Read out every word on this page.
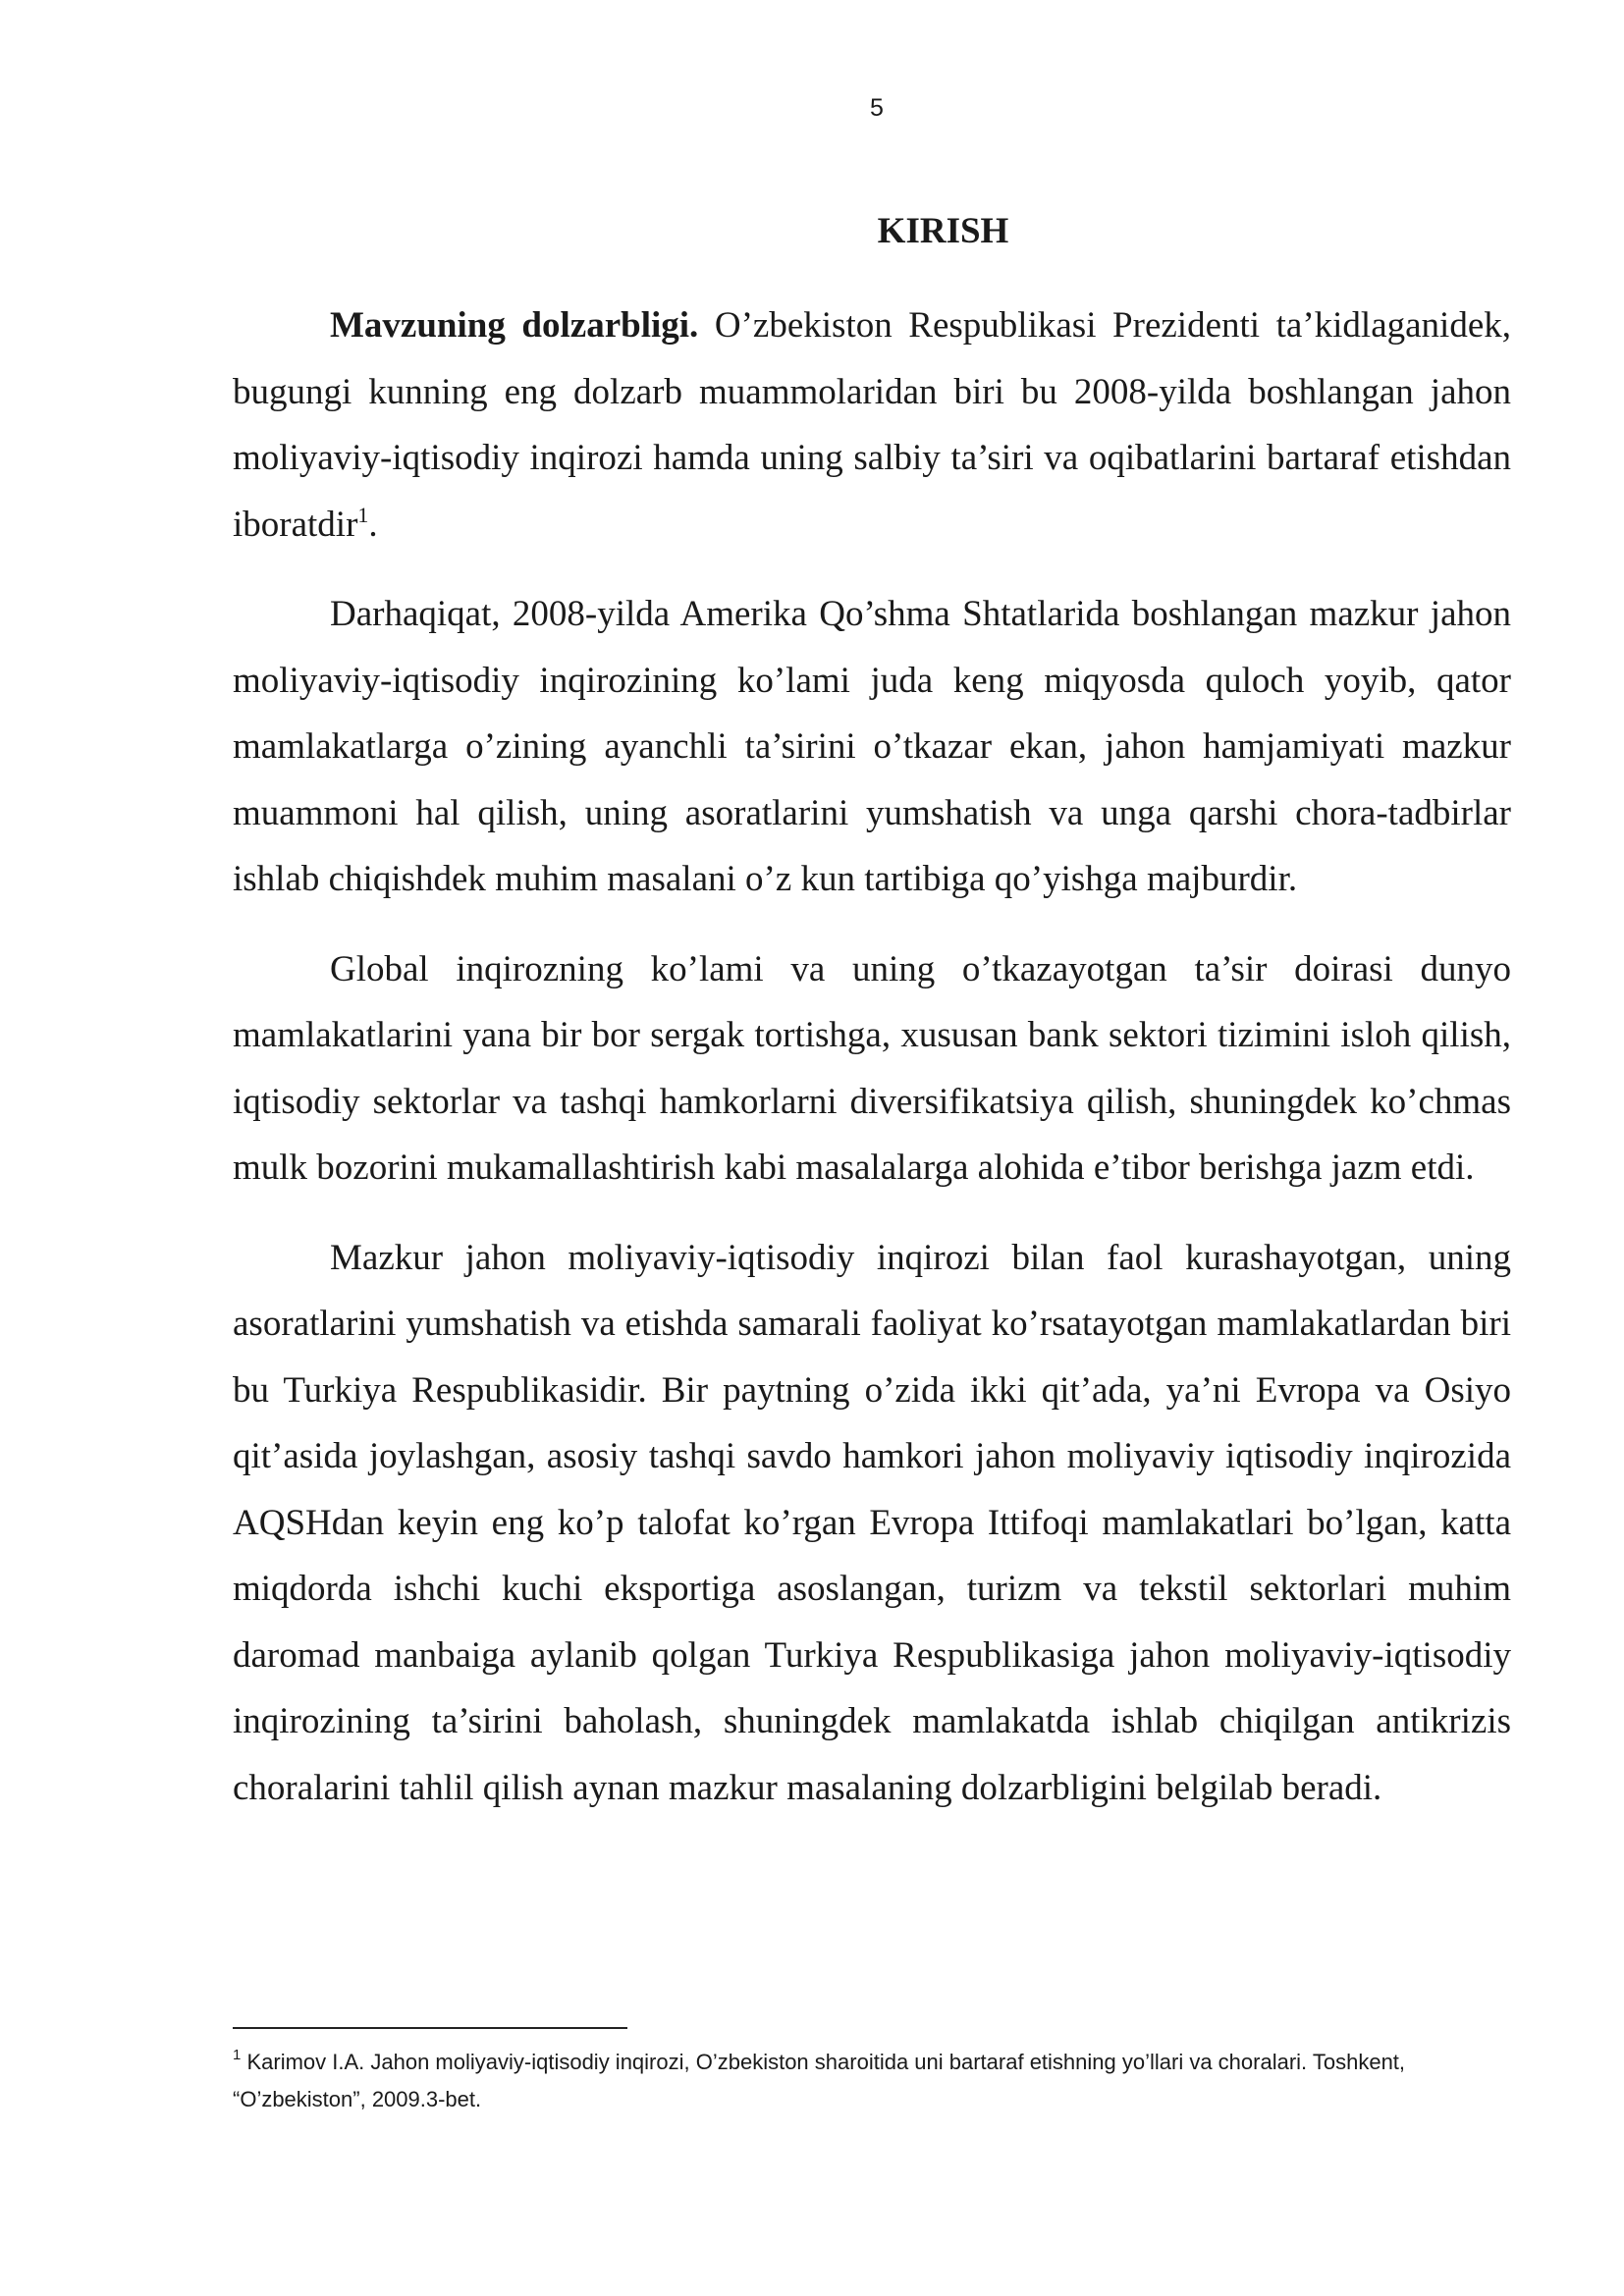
5
KIRISH

Mavzuning dolzarbligi. O’zbekiston Respublikasi Prezidenti ta’kidlaganidek, bugungi kunning eng dolzarb muammolaridan biri bu 2008-yilda boshlangan jahon moliyaviy-iqtisodiy inqirozi hamda uning salbiy ta’siri va oqibatlarini bartaraf etishdan iboratdir$^1$.

Darhaqiqat, 2008-yilda Amerika Qo’shma Shtatlarida boshlangan mazkur jahon moliyaviy-iqtisodiy inqirozining ko’lami juda keng miqyosda quloch yoyib, qator mamlakatlarga o’zining ayanchli ta’sirini o’tkazar ekan, jahon hamjamiyati mazkur muammoni hal qilish, uning asoratlarini yumshatish va unga qarshi chora-tadbirlar ishlab chiqishdek muhim masalani o’z kun tartibiga qo’yishga majburdir.

Global inqirozning ko’lami va uning o’tkazayotgan ta’sir doirasi dunyo mamlakatlarini yana bir bor sergak tortishga, xususan bank sektori tizimini isloh qilish, iqtisodiy sektorlar va tashqi hamkorlarni diversifikatsiya qilish, shuningdek ko’chmas mulk bozorini mukamallashtirish kabi masalalarga alohida e’tibor berishga jazm etdi.

Mazkur jahon moliyaviy-iqtisodiy inqirozi bilan faol kurashayotgan, uning asoratlarini yumshatish va etishda samarali faoliyat ko’rsatayotgan mamlakatlardan biri bu Turkiya Respublikasidir. Bir paytning o’zida ikki qit’ada, ya’ni Evropa va Osiyo qit’asida joylashgan, asosiy tashqi savdo hamkori jahon moliyaviy iqtisodiy inqirozida AQSHdan keyin eng ko’p talofat ko’rgan Evropa Ittifoqi mamlakatlari bo’lgan, katta miqdorda ishchi kuchi eksportiga asoslangan, turizm va tekstil sektorlari muhim daromad manbaiga aylanib qolgan Turkiya Respublikasiga jahon moliyaviy-iqtisodiy inqirozining ta’sirini baholash, shuningdek mamlakatda ishlab chiqilgan antikrizis choralarini tahlil qilish aynan mazkur masalaning dolzarbligini belgilab beradi.

$^1$ Karimov I.A. Jahon moliyaviy-iqtisodiy inqirozi, O’zbekiston sharoitida uni bartaraf etishning yo’llari va choralari. Toshkent, “O’zbekiston”, 2009.3-bet.
